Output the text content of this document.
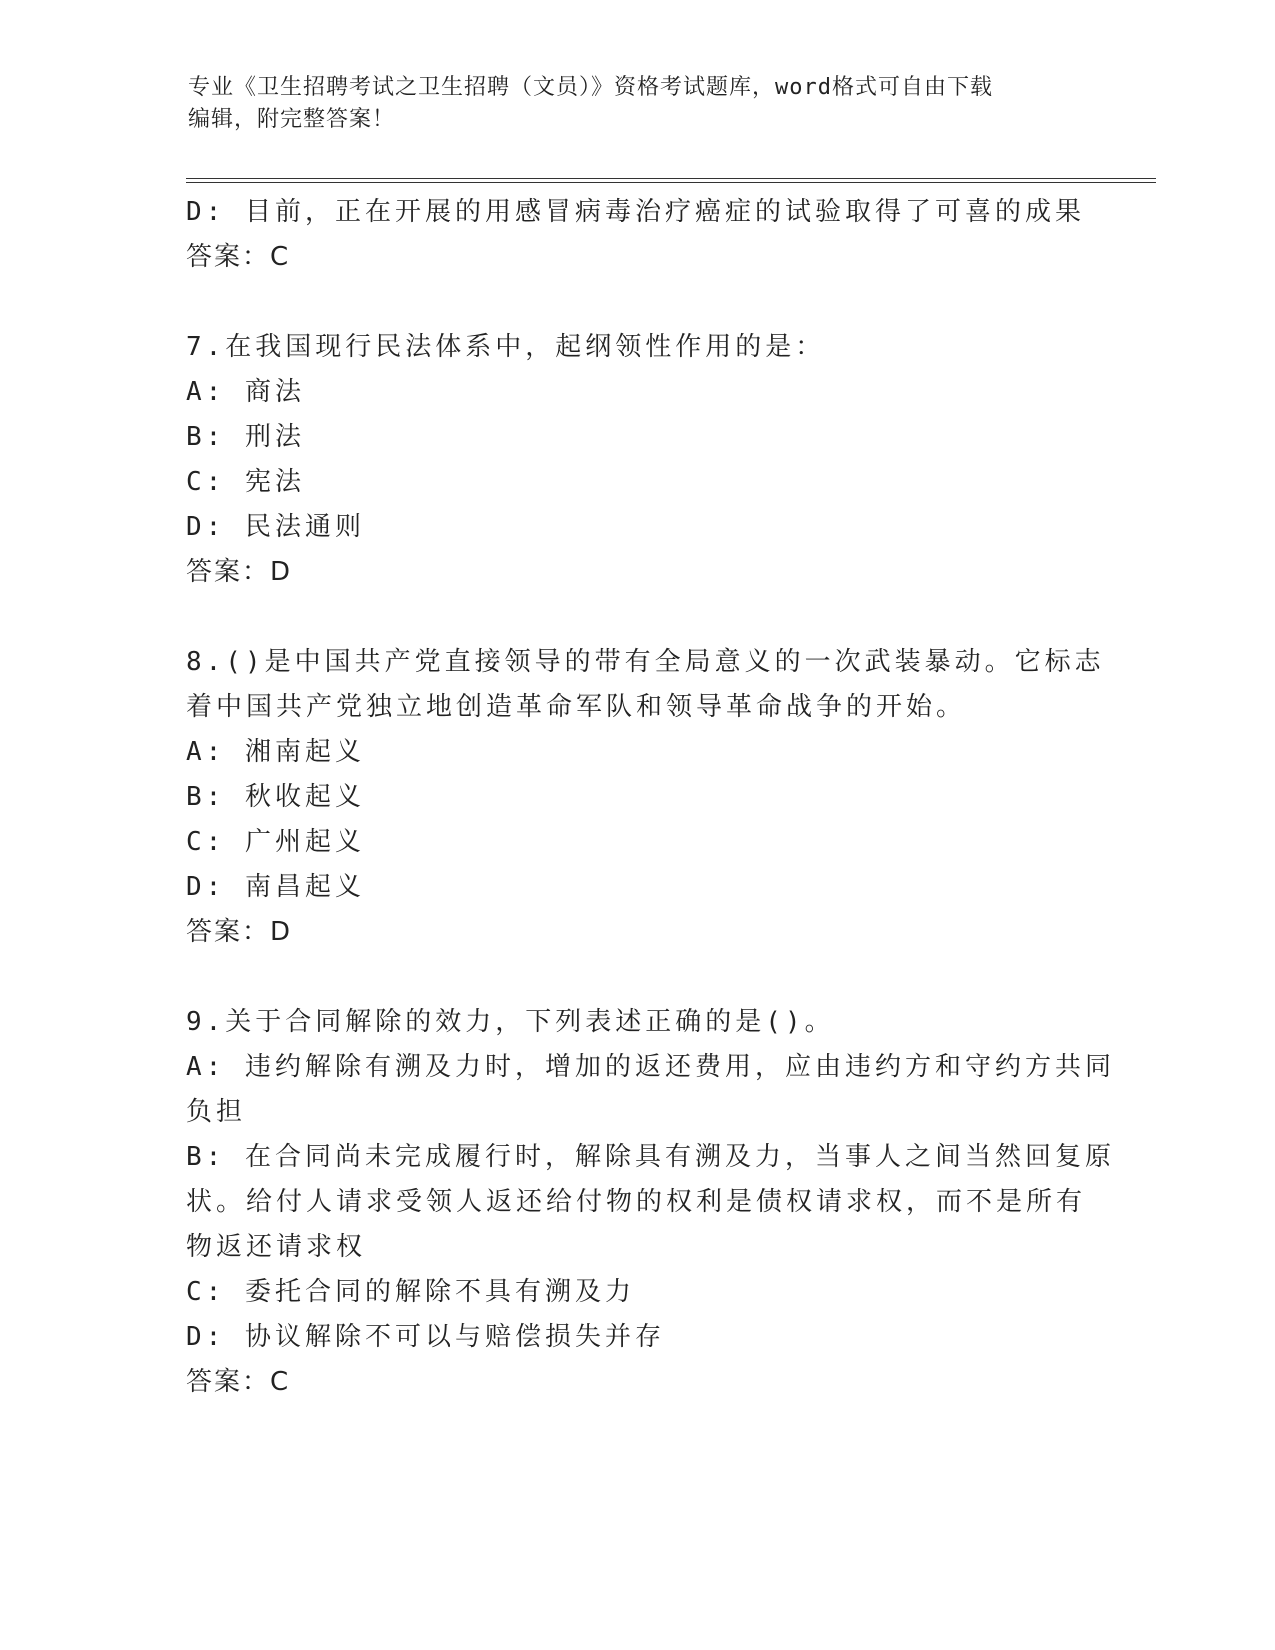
专业《卫生招聘考试之卫生招聘（文员）》资格考试题库，word格式可自由下载
编辑，附完整答案！
D: 目前，正在开展的用感冒病毒治疗癌症的试验取得了可喜的成果
答案：C
7.在我国现行民法体系中，起纲领性作用的是：
A: 商法
B: 刑法
C: 宪法
D: 民法通则
答案：D
8.()是中国共产党直接领导的带有全局意义的一次武装暴动。它标志
着中国共产党独立地创造革命军队和领导革命战争的开始。
A: 湘南起义
B: 秋收起义
C: 广州起义
D: 南昌起义
答案：D
9.关于合同解除的效力，下列表述正确的是()。
A: 违约解除有溯及力时，增加的返还费用，应由违约方和守约方共同
负担
B: 在合同尚未完成履行时，解除具有溯及力，当事人之间当然回复原
状。给付人请求受领人返还给付物的权利是债权请求权，而不是所有
物返还请求权
C: 委托合同的解除不具有溯及力
D: 协议解除不可以与赔偿损失并存
答案：C
